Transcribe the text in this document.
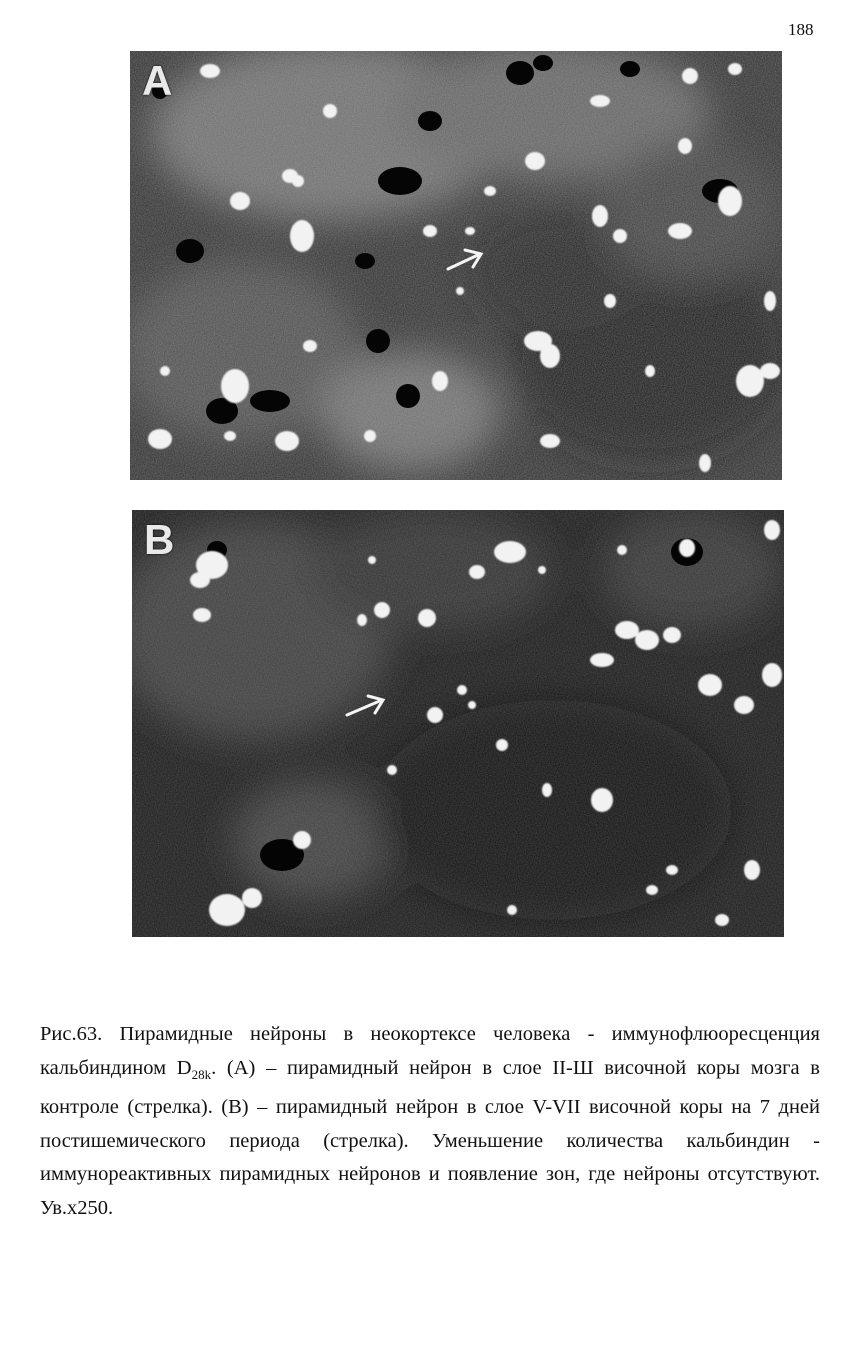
188
A
B

Рис.63. Пирамидные нейроны в неокортексе человека - иммунофлюоресценция кальбиндином $D_{28k}$. (А) – пирамидный нейрон в слое II-Ш височной коры мозга в контроле (стрелка). (В) – пирамидный нейрон в слое V-VII височной коры на 7 дней постишемического периода (стрелка). Уменьшение количества кальбиндин - иммунореактивных пирамидных нейронов и появление зон, где нейроны отсутствуют. Ув.х250.
